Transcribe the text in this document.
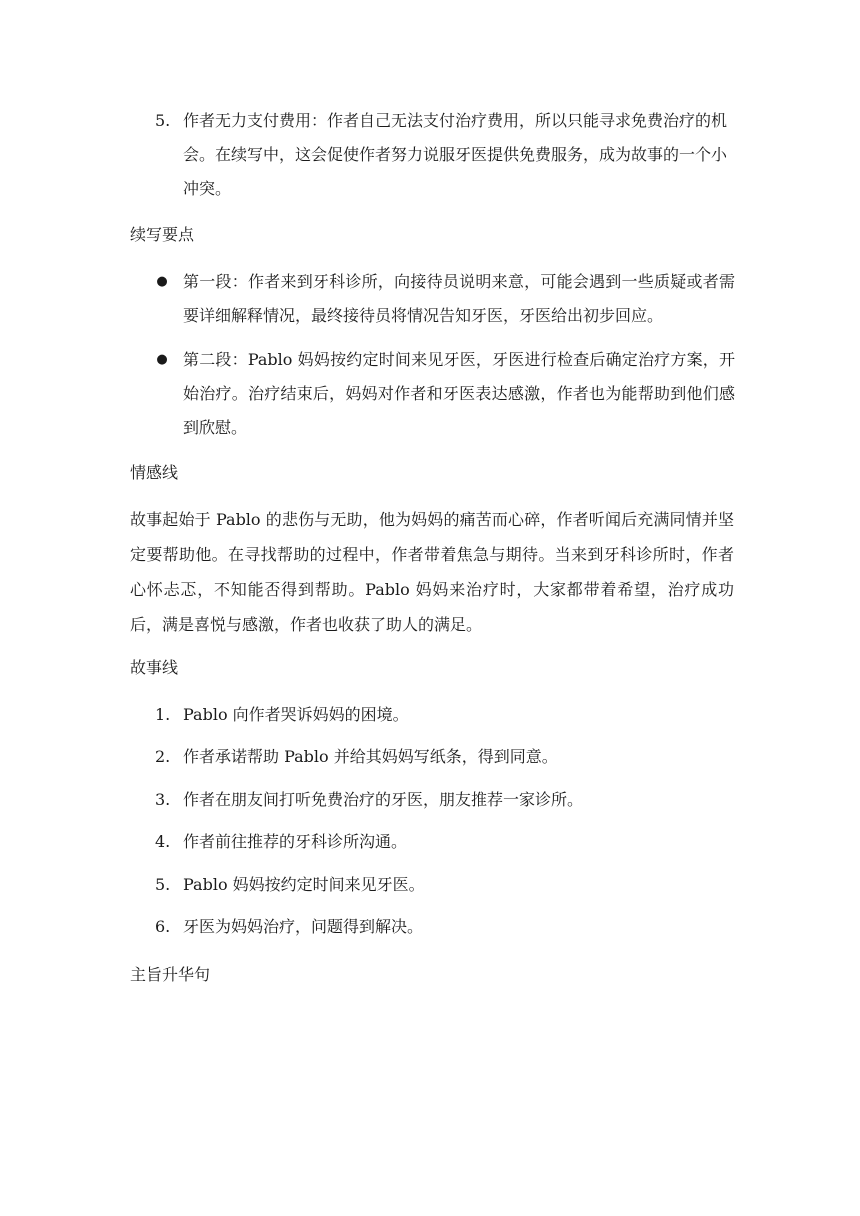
5. 作者无力支付费用：作者自己无法支付治疗费用，所以只能寻求免费治疗的机会。在续写中，这会促使作者努力说服牙医提供免费服务，成为故事的一个小冲突。
续写要点
● 第一段：作者来到牙科诊所，向接待员说明来意，可能会遇到一些质疑或者需要详细解释情况，最终接待员将情况告知牙医，牙医给出初步回应。
● 第二段：Pablo 妈妈按约定时间来见牙医，牙医进行检查后确定治疗方案，开始治疗。治疗结束后，妈妈对作者和牙医表达感激，作者也为能帮助到他们感到欣慰。
情感线
故事起始于 Pablo 的悲伤与无助，他为妈妈的痛苦而心碎，作者听闻后充满同情并坚定要帮助他。在寻找帮助的过程中，作者带着焦急与期待。当来到牙科诊所时，作者心怀忐忑，不知能否得到帮助。Pablo 妈妈来治疗时，大家都带着希望，治疗成功后，满是喜悦与感激，作者也收获了助人的满足。
故事线
1. Pablo 向作者哭诉妈妈的困境。
2. 作者承诺帮助 Pablo 并给其妈妈写纸条，得到同意。
3. 作者在朋友间打听免费治疗的牙医，朋友推荐一家诊所。
4. 作者前往推荐的牙科诊所沟通。
5. Pablo 妈妈按约定时间来见牙医。
6. 牙医为妈妈治疗，问题得到解决。
主旨升华句
